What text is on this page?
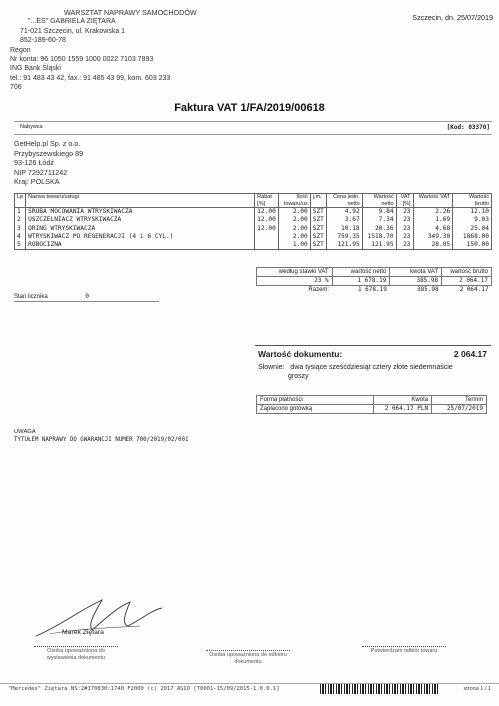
WARSZTAT NAPRAWY SAMOCHODÓW
"...ES" GABRIELA ZIĘTARA
71-021 Szczecin, ul. Krakowska 1
852-189-60-78
Regon
Nr konta: 96 1050 1559 1000 0022 7103 7893
ING Bank Śląski
tel.: 91 483 43 42, fax.: 91 485 43 99, kom. 603 233
706
Szczecin, dn. 25/07/2019
Faktura VAT 1/FA/2019/00618
Nabywca	[Kod: 03370]
GetHelp.pl Sp. z o.o.
Przybyszewskiego 89
93-126 Łódź
NIP 7292711242
Kraj: POLSKA
Lp	Nazwa towaru/usługi	Rabat [%]	Ilość towaru/us	j.m.	Cena jedn. netto	Wartość netto	VAT [%]	Wartość VAT	Wartość brutto
1	ŚRUBA MOCOWANIA WTRYSKIWACZA	12.00	2.00	SZT	4.92	9.84	23	2.26	12.10
2	USZCZELNIACZ WTRYSKIWACZA	12.00	2.00	SZT	3.67	7.34	23	1.69	9.03
3	ORING WTRYSKIWACZA	12.00	2.00	SZT	10.18	20.36	23	4.68	25.04
4	WTRYSKIWACZ PO REGENERACJI (4 i 6 CYL.)		2.00	SZT	759.35	1518.70	23	349.30	1868.00
5	ROBOCIZNA		1.00	SZT	121.95	121.95	23	28.05	150.00
według stawki VAT	wartość netto	kwota VAT	wartość brutto
23 %	1 678.19	385.98	2 064.17
Razem:	1 678.19	385.98	2 064.17
Stan licznika	0
Wartość dokumentu:	2 064.17
Słownie: dwa tysiące sześćdziesiąt cztery złote siedemnaście
groszy
Forma płatności	Kwota	Termin
Zapłacono gotówką	2 064.17 PLN	25/07/2019
UWAGA
TYTUŁEM NAPRAWY DO GWARANCJI NUMER 700/2019/02/001
Marek Ziętara
Osoba upoważniona do wystawienia dokumentu	Osoba upoważniona do odbioru dokumentu
Potwierdzam odbiór towaru
"Mercedes" Ziętara NS:2#170830:1740 F2000 (c) 2017 ASCO [T0001-15/09/2015-1.0.0.1]	strona 1 / 1
